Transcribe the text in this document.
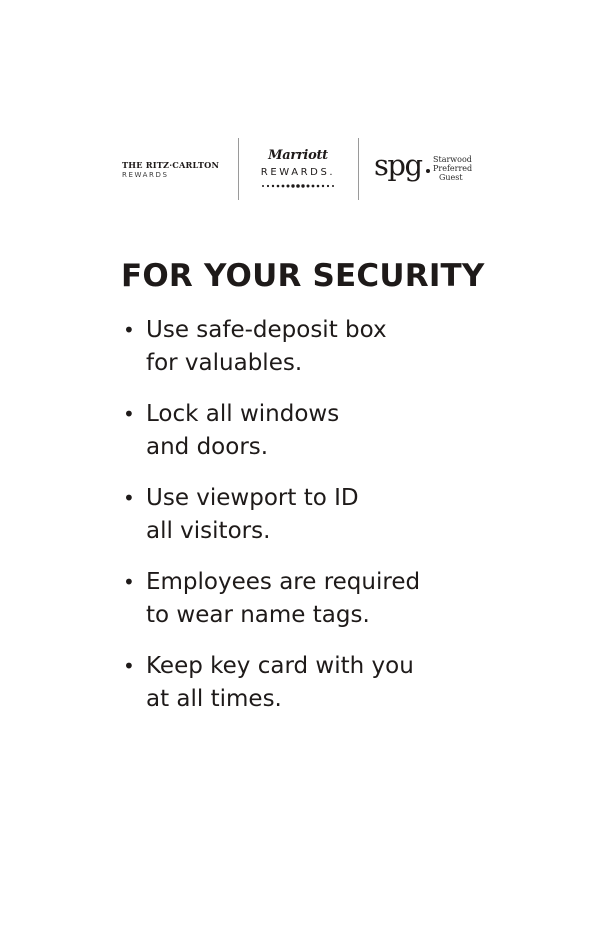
THE RITZ·CARLTON
REWARDS
Marriott
REWARDS.	spg Starwood
Preferred
Guest
FOR YOUR SECURITY
• Use safe-deposit box
for valuables.
• Lock all windows
and doors.
• Use viewport to ID
all visitors.
• Employees are required
to wear name tags.
• Keep key card with you
at all times.
